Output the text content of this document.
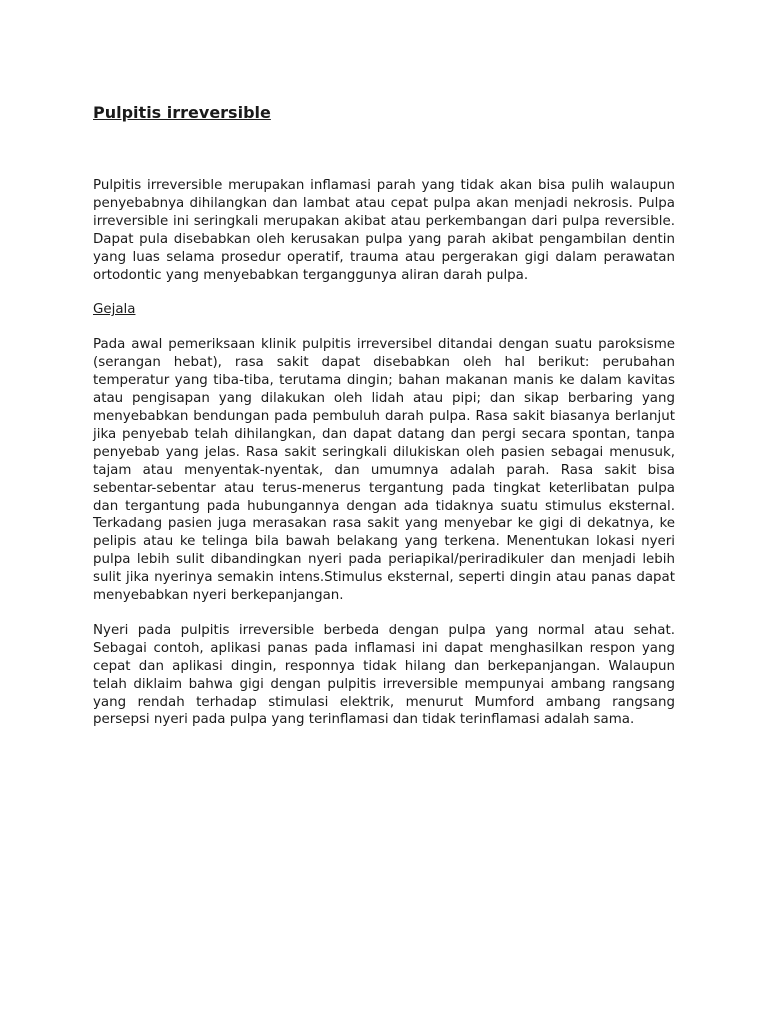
Pulpitis irreversible

Pulpitis irreversible merupakan inflamasi parah yang tidak akan bisa pulih walaupun penyebabnya dihilangkan dan lambat atau cepat pulpa akan menjadi nekrosis. Pulpa irreversible ini seringkali merupakan akibat atau perkembangan dari pulpa reversible. Dapat pula disebabkan oleh kerusakan pulpa yang parah akibat pengambilan dentin yang luas selama prosedur operatif, trauma atau pergerakan gigi dalam perawatan ortodontic yang menyebabkan terganggunya aliran darah pulpa.

Gejala

Pada awal pemeriksaan klinik pulpitis irreversibel ditandai dengan suatu paroksisme (serangan hebat), rasa sakit dapat disebabkan oleh hal berikut: perubahan temperatur yang tiba-tiba, terutama dingin; bahan makanan manis ke dalam kavitas atau pengisapan yang dilakukan oleh lidah atau pipi; dan sikap berbaring yang menyebabkan bendungan pada pembuluh darah pulpa. Rasa sakit biasanya berlanjut jika penyebab telah dihilangkan, dan dapat datang dan pergi secara spontan, tanpa penyebab yang jelas. Rasa sakit seringkali dilukiskan oleh pasien sebagai menusuk, tajam atau menyentak-nyentak, dan umumnya adalah parah. Rasa sakit bisa sebentar-sebentar atau terus-menerus tergantung pada tingkat keterlibatan pulpa dan tergantung pada hubungannya dengan ada tidaknya suatu stimulus eksternal. Terkadang pasien juga merasakan rasa sakit yang menyebar ke gigi di dekatnya, ke pelipis atau ke telinga bila bawah belakang yang terkena. Menentukan lokasi nyeri pulpa lebih sulit dibandingkan nyeri pada periapikal/periradikuler dan menjadi lebih sulit jika nyerinya semakin intens.Stimulus eksternal, seperti dingin atau panas dapat menyebabkan nyeri berkepanjangan.

Nyeri pada pulpitis irreversible berbeda dengan pulpa yang normal atau sehat. Sebagai contoh, aplikasi panas pada inflamasi ini dapat menghasilkan respon yang cepat dan aplikasi dingin, responnya tidak hilang dan berkepanjangan. Walaupun telah diklaim bahwa gigi dengan pulpitis irreversible mempunyai ambang rangsang yang rendah terhadap stimulasi elektrik, menurut Mumford ambang rangsang persepsi nyeri pada pulpa yang terinflamasi dan tidak terinflamasi adalah sama.
